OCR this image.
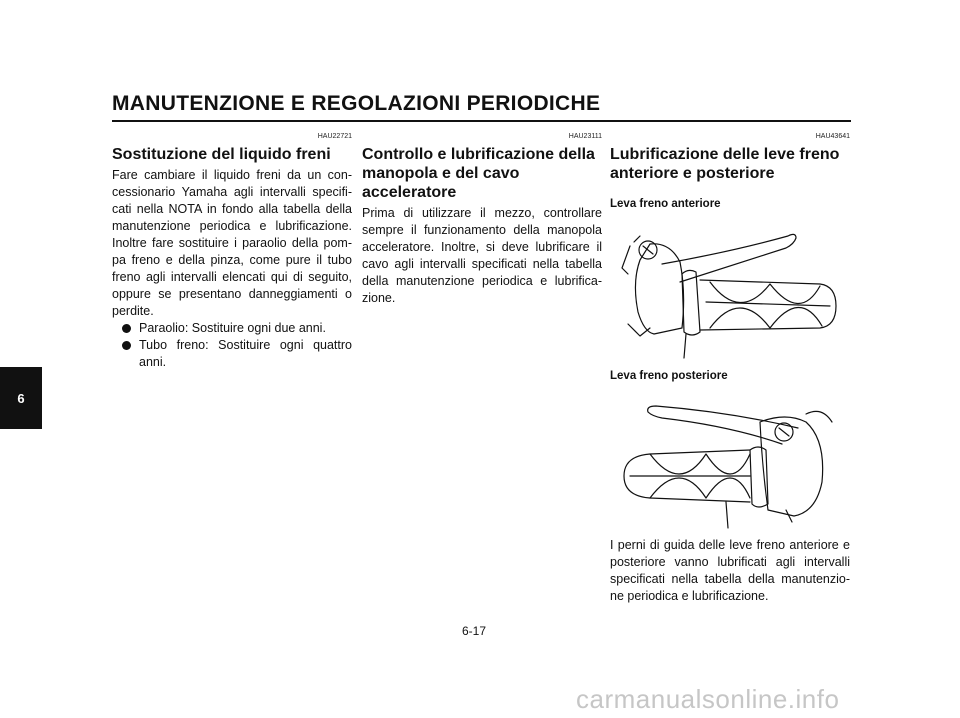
MANUTENZIONE E REGOLAZIONI PERIODICHE
6
HAU22721
Sostituzione del liquido freni

Fare cambiare il liquido freni da un con-cessionario Yamaha agli intervalli specifi-cati nella NOTA in fondo alla tabella della manutenzione periodica e lubrificazione. Inoltre fare sostituire i paraolio della pom-pa freno e della pinza, come pure il tubo freno agli intervalli elencati qui di seguito, oppure se presentano danneggiamenti o perdite.

Paraolio: Sostituire ogni due anni.
Tubo freno: Sostituire ogni quattro anni.
HAU23111
Controllo e lubrificazione della manopola e del cavo acceleratore

Prima di utilizzare il mezzo, controllare sempre il funzionamento della manopola acceleratore. Inoltre, si deve lubrificare il cavo agli intervalli specificati nella tabella della manutenzione periodica e lubrifica-zione.

HAU43641
Lubrificazione delle leve freno anteriore e posteriore

Leva freno anteriore

Leva freno posteriore

I perni di guida delle leve freno anteriore e posteriore vanno lubrificati agli intervalli specificati nella tabella della manutenzio-ne periodica e lubrificazione.

6-17

carmanualsonline.info
